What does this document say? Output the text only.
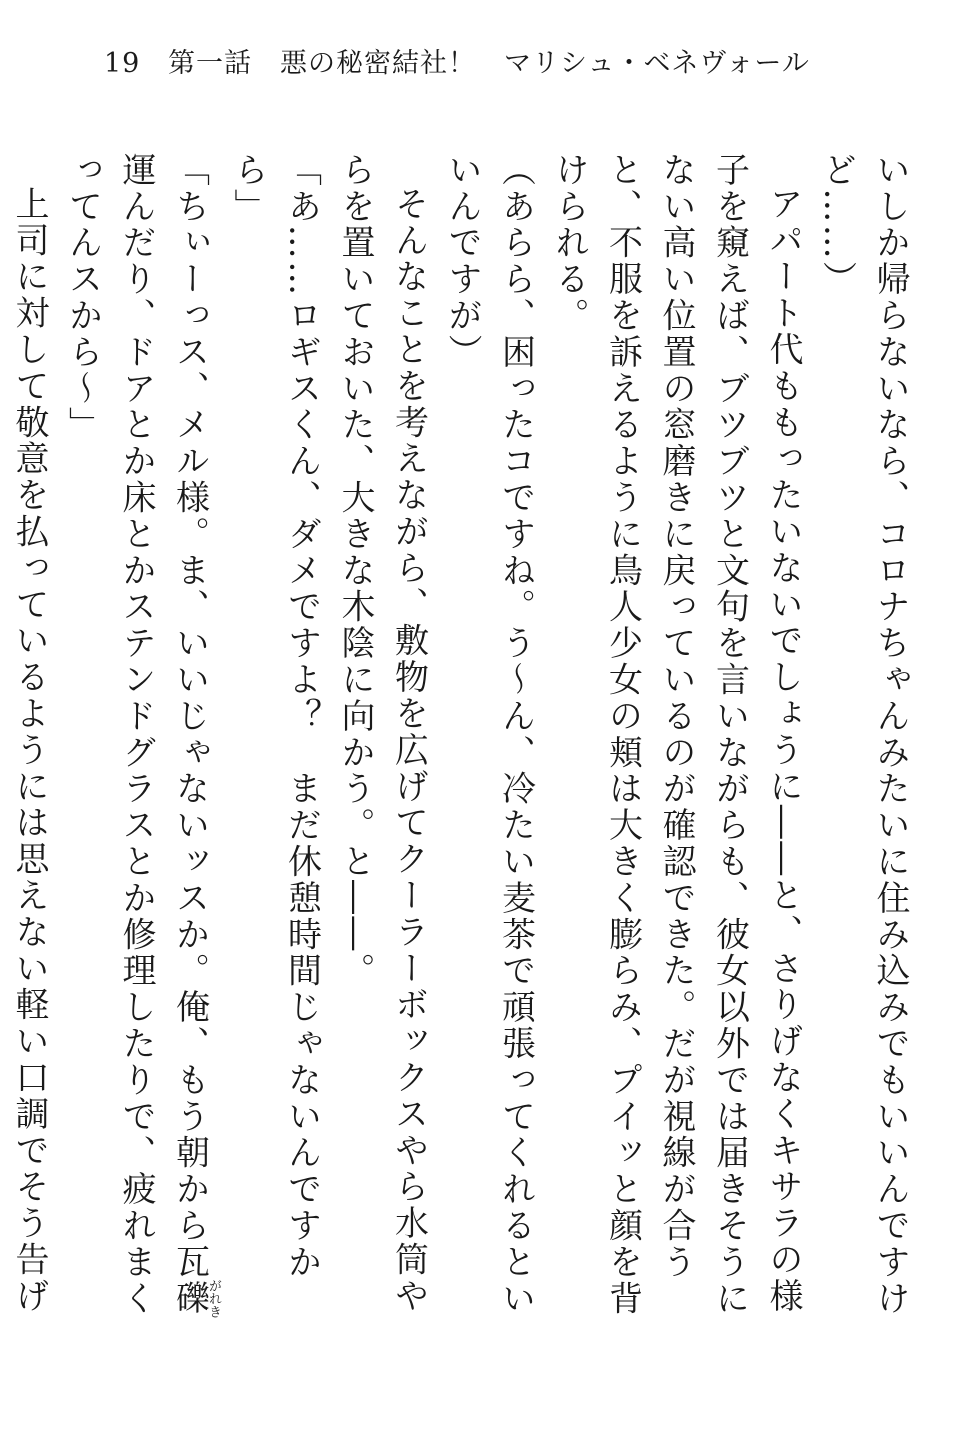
19 第一話　悪の秘密結社！　マリシュ・ベネヴォール

いしか帰らないなら、コロナちゃんみたいに住み込みでもいいんですけど……）

アパート代ももったいないでしょうに――と、さりげなくキサラの様子を窺えば、ブツブツと文句を言いながらも、彼女以外では届きそうにない高い位置の窓磨きに戻っているのが確認できた。だが視線が合うと、不服を訴えるように鳥人少女の頬は大きく膨らみ、プイッと顔を背けられる。

（あらら、困ったコですね。う～ん、冷たい麦茶で頑張ってくれるといいんですが）

そんなことを考えながら、敷物を広げてクーラーボックスやら水筒やらを置いておいた、大きな木陰に向かう。と――。

「あ……ロギスくん、ダメですよ？　まだ休憩時間じゃないんですから」

「ちぃーっス、メル様。ま、いいじゃないッスか。俺、もう朝から瓦礫がれき運んだり、ドアとか床とかステンドグラスとか修理したりで、疲れまくってんスから～」

上司に対して敬意を払っているようには思えない軽い口調でそう告げ
